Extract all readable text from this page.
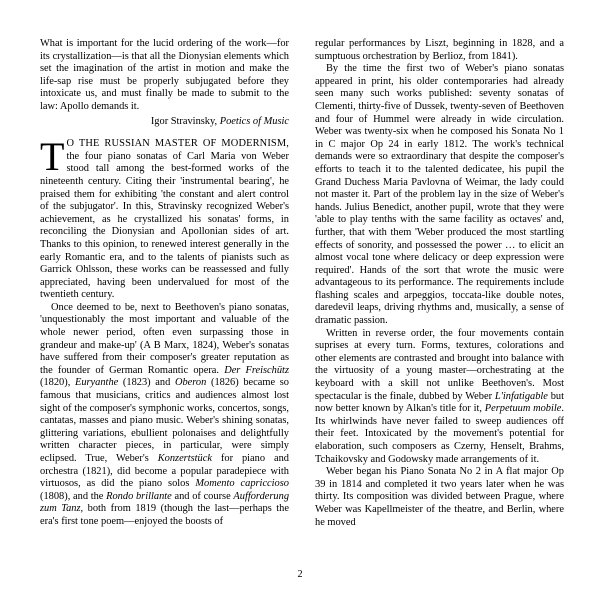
What is important for the lucid ordering of the work—for its crystallization—is that all the Dionysian elements which set the imagination of the artist in motion and make the life-sap rise must be properly subjugated before they intoxicate us, and must finally be made to submit to the law: Apollo demands it.

Igor Stravinsky, Poetics of Music

T O THE RUSSIAN MASTER OF MODERNISM, the four piano sonatas of Carl Maria von Weber stood tall among the best-formed works of the nineteenth century. Citing their 'instrumental bearing', he praised them for exhibiting 'the constant and alert control of the subjugator'. In this, Stravinsky recognized Weber's achievement, as he crystallized his sonatas' forms, in reconciling the Dionysian and Apollonian sides of art. Thanks to this opinion, to renewed interest generally in the early Romantic era, and to the talents of pianists such as Garrick Ohlsson, these works can be reassessed and fully appreciated, having been undervalued for most of the twentieth century.

Once deemed to be, next to Beethoven's piano sonatas, 'unquestionably the most important and valuable of the whole newer period, often even surpassing those in grandeur and make-up' (A B Marx, 1824), Weber's sonatas have suffered from their composer's greater reputation as the founder of German Romantic opera. Der Freischütz (1820), Euryanthe (1823) and Oberon (1826) became so famous that musicians, critics and audiences almost lost sight of the composer's symphonic works, concertos, songs, cantatas, masses and piano music. Weber's shining sonatas, glittering variations, ebullient polonaises and delightfully written character pieces, in particular, were simply eclipsed. True, Weber's Konzertstück for piano and orchestra (1821), did become a popular paradepiece with virtuosos, as did the piano solos Momento capriccioso (1808), and the Rondo brillante and of course Aufforderung zum Tanz, both from 1819 (though the last—perhaps the era's first tone poem—enjoyed the boosts of

regular performances by Liszt, beginning in 1828, and a sumptuous orchestration by Berlioz, from 1841).

By the time the first two of Weber's piano sonatas appeared in print, his older contemporaries had already seen many such works published: seventy sonatas of Clementi, thirty-five of Dussek, twenty-seven of Beethoven and four of Hummel were already in wide circulation. Weber was twenty-six when he composed his Sonata No 1 in C major Op 24 in early 1812. The work's technical demands were so extraordinary that despite the composer's efforts to teach it to the talented dedicatee, his pupil the Grand Duchess Maria Pavlovna of Weimar, the lady could not master it. Part of the problem lay in the size of Weber's hands. Julius Benedict, another pupil, wrote that they were 'able to play tenths with the same facility as octaves' and, further, that with them 'Weber produced the most startling effects of sonority, and possessed the power … to elicit an almost vocal tone where delicacy or deep expression were required'. Hands of the sort that wrote the music were advantageous to its performance. The requirements include flashing scales and arpeggios, toccata-like double notes, daredevil leaps, driving rhythms and, musically, a sense of dramatic passion.

Written in reverse order, the four movements contain suprises at every turn. Forms, textures, colorations and other elements are contrasted and brought into balance with the virtuosity of a young master—orchestrating at the keyboard with a skill not unlike Beethoven's. Most spectacular is the finale, dubbed by Weber L'infatigable but now better known by Alkan's title for it, Perpetuum mobile. Its whirlwinds have never failed to sweep audiences off their feet. Intoxicated by the movement's potential for elaboration, such composers as Czerny, Henselt, Brahms, Tchaikovsky and Godowsky made arrangements of it.

Weber began his Piano Sonata No 2 in A flat major Op 39 in 1814 and completed it two years later when he was thirty. Its composition was divided between Prague, where Weber was Kapellmeister of the theatre, and Berlin, where he moved

2
